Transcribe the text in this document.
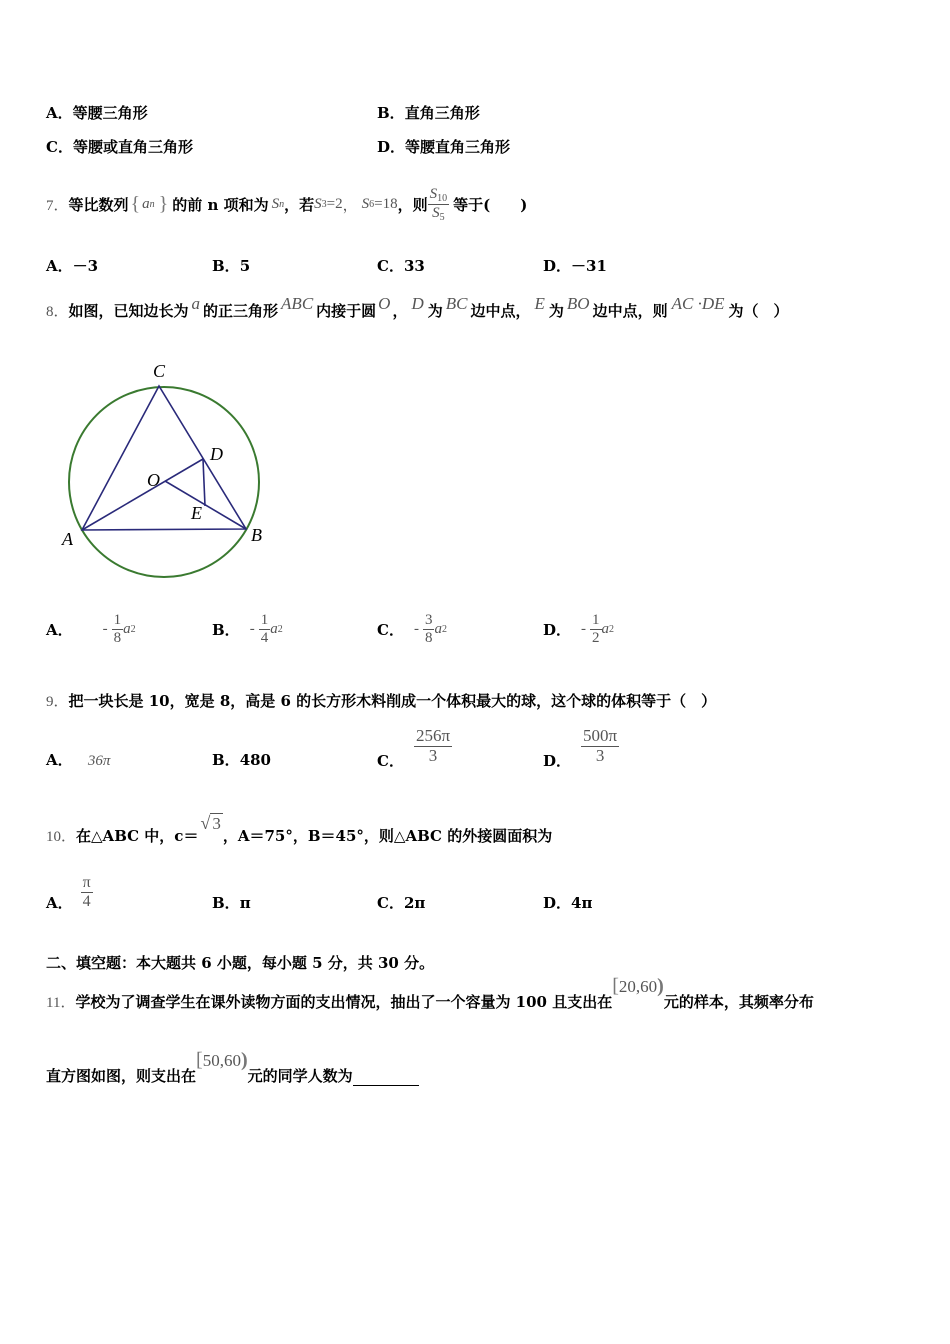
A．等腰三角形	B．直角三角形
C．等腰或直角三角形	D．等腰直角三角形
7． 等比数列 { a n } 的前 n 项和为 S n ，若 S 3 =2 ， S 6 =18 ，则 $\frac{S_{10}}{S_5}$ 等于(　　)
A．－3	B．5	C．33	D．－31
8． 如图，已知边长为 a 的正三角形 ABC 内接于圆 O ， D 为 BC 边中点， E 为 BO 边中点，则 AC ·DE 为（　）
C
A	B
D
O
E
A． - $\frac{1}{8}$ a 2	B． - $\frac{1}{4}$ a 2	C． - $\frac{3}{8}$ a 2	D． - $\frac{1}{2}$ a 2
9．把一块长是 10，宽是 8，高是 6 的长方形木料削成一个体积最大的球，这个球的体积等于（　）
A． 36π	B．480	C． $\frac{256\pi}{3}$	D． $\frac{500\pi}{3}$
10． 在△ABC 中，c＝
√ 3
，A＝75°，B＝45°，则△ABC 的外接圆面积为
A． $\frac{\pi}{4}$	B．π	C．2π	D．4π
二、填空题：本大题共 6 小题，每小题 5 分，共 30 分。
11． 学校为了调查学生在课外读物方面的支出情况，抽出了一个容量为 100 且支出在
[20,60)
元的样本，其频率分布
直方图如图，则支出在
[50,60)
元的同学人数为
